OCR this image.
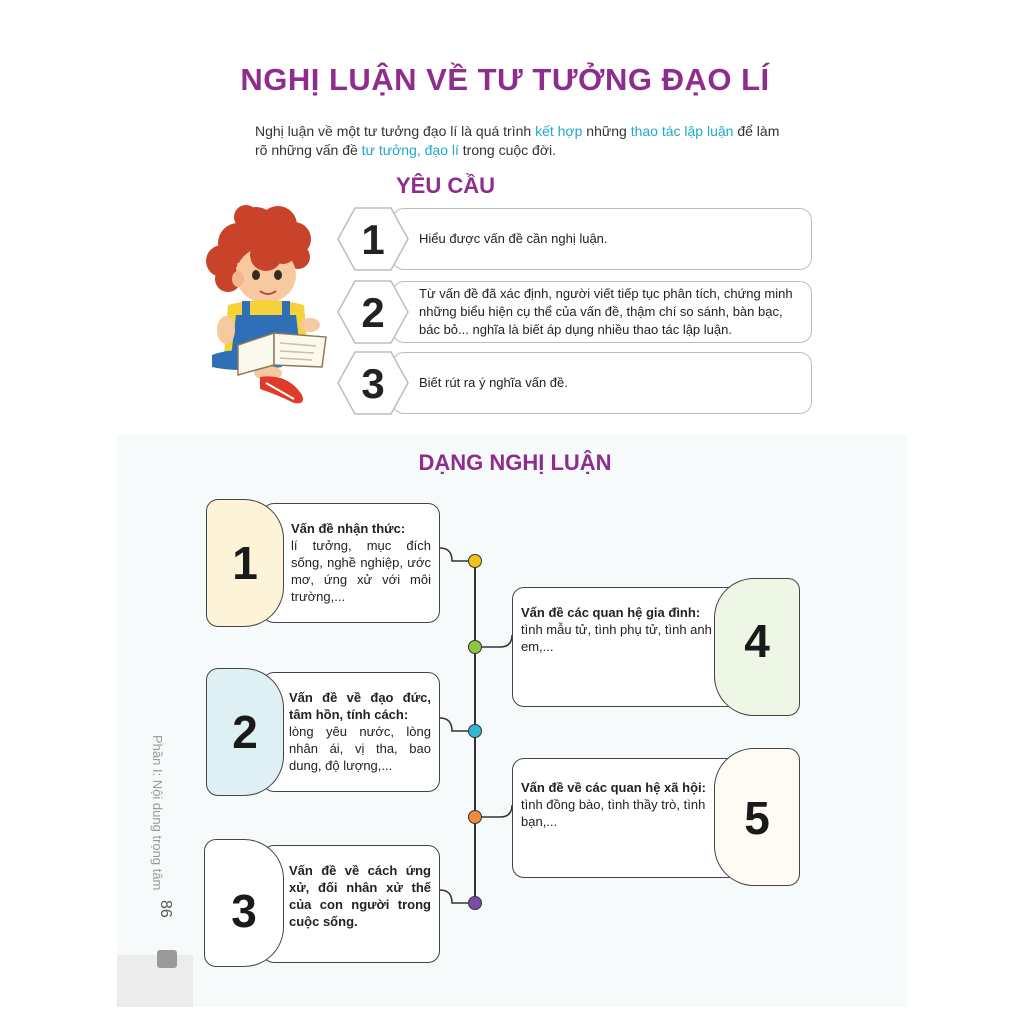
NGHỊ LUẬN VỀ TƯ TƯỞNG ĐẠO LÍ
Nghị luận về một tư tưởng đạo lí là quá trình kết hợp những thao tác lập luận để làm rõ những vấn đề tư tưởng, đạo lí trong cuộc đời.
YÊU CẦU
Hiểu được vấn đề cần nghị luận.
1
Từ vấn đề đã xác định, người viết tiếp tục phân tích, chứng minh những biểu hiện cụ thể của vấn đề, thậm chí so sánh, bàn bạc, bác bỏ... nghĩa là biết áp dụng nhiều thao tác lập luận.
2
Biết rút ra ý nghĩa vấn đề.
3
DẠNG NGHỊ LUẬN
Vấn đề nhận thức:
lí tưởng, mục đích sống, nghề nghiệp, ước mơ, ứng xử với môi trường,...
1
Vấn đề về đạo đức, tâm hồn, tính cách:
lòng yêu nước, lòng nhân ái, vị tha, bao dung, độ lượng,...
2
Vấn đề về cách ứng xử, đối nhân xử thế của con người trong cuộc sống.
3
Vấn đề các quan hệ gia đình:
tình mẫu tử, tình phụ tử, tình anh em,...	4
Vấn đề về các quan hệ xã hội:
tình đồng bào, tình thầy trò, tình bạn,...	5
Phần I: Nội dung trọng tâm
86
